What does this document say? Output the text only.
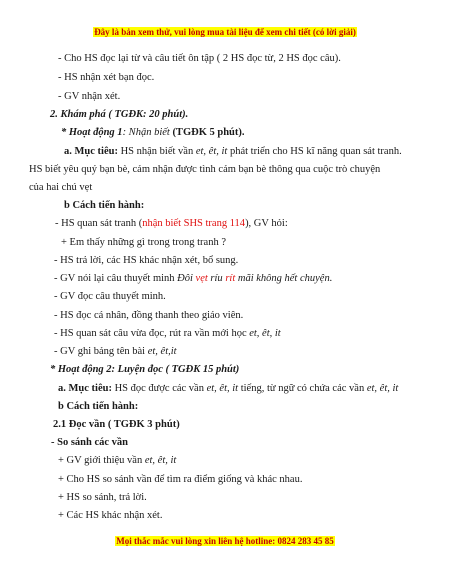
Đây là bản xem thử, vui lòng mua tài liệu để xem chi tiết (có lời giải)
- Cho HS đọc lại từ và câu tiết ôn tập ( 2 HS đọc từ, 2 HS đọc câu).
- HS nhận xét bạn đọc.
- GV nhận xét.
2. Khám phá ( TGĐK: 20 phút).
* Hoạt động 1: Nhận biết (TGĐK 5 phút).
a. Mục tiêu: HS nhận biết vần et, êt, it phát triển cho HS kĩ năng quan sát tranh.
HS biết yêu quý bạn bè, cảm nhận được tình cảm bạn bè thông qua cuộc trò chuyện
của hai chú vẹt
b Cách tiến hành:
- HS quan sát tranh (nhận biết SHS trang 114), GV hỏi:
+ Em thấy những gì trong trong tranh ?
- HS trả lời, các HS khác nhận xét, bổ sung.
- GV nói lại câu thuyết minh Đôi vẹt ríu rít mãi không hết chuyện.
- GV đọc câu thuyết minh.
- HS đọc cá nhân, đồng thanh theo giáo viên.
- HS quan sát câu vừa đọc, rút ra vần mới học et, êt, it
- GV ghi bảng tên bài et, êt,it
* Hoạt động 2: Luyện đọc ( TGĐK 15 phút)
a. Mục tiêu: HS đọc được các vần et, êt, it tiếng, từ ngữ có chứa các vần et, êt, it
b Cách tiến hành:
2.1 Đọc vần ( TGĐK 3 phút)
- So sánh các vần
+ GV giới thiệu vần et, êt, it
+ Cho HS so sánh vần để tìm ra điểm giống và khác nhau.
+ HS so sánh, trả lời.
+ Các HS khác nhận xét.
Mọi thắc mắc vui lòng xin liên hệ hotline: 0824 283 45 85
